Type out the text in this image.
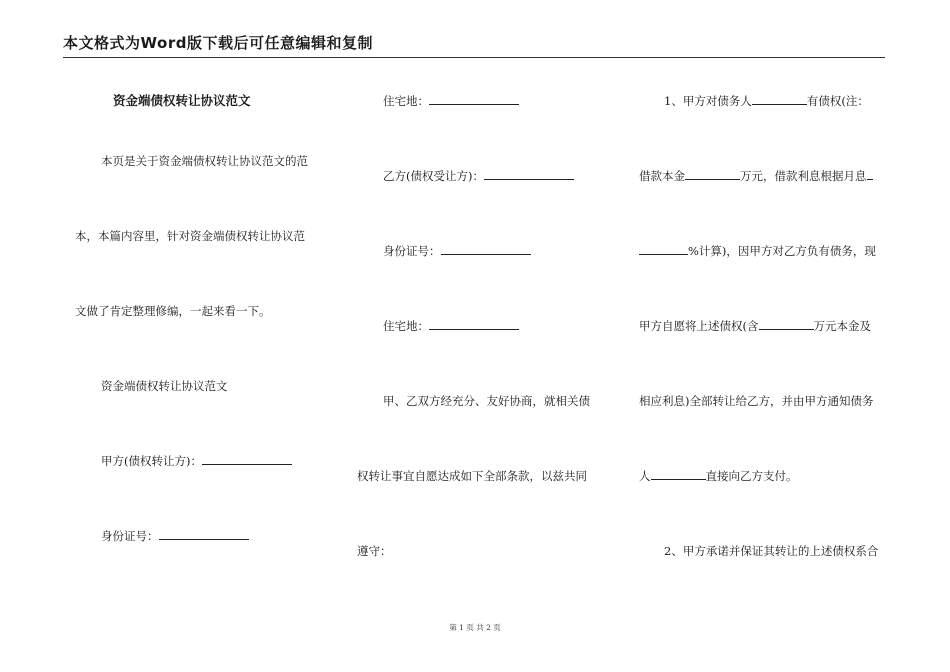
本文格式为Word版下载后可任意编辑和复制
资金端债权转让协议范文
本页是关于资金端债权转让协议范文的范
本，本篇内容里，针对资金端债权转让协议范
文做了肯定整理修编，一起来看一下。
资金端债权转让协议范文
甲方(债权转让方)：
身份证号：
住宅地：
乙方(债权受让方)：
身份证号：
住宅地：
甲、乙双方经充分、友好协商，就相关债
权转让事宜自愿达成如下全部条款，以兹共同
遵守：
1、甲方对债务人	有债权(注：
借款本金	万元，借款利息根据月息
%计算)，因甲方对乙方负有债务，现
甲方自愿将上述债权(含	万元本金及
相应利息)全部转让给乙方，并由甲方通知债务
人	直接向乙方支付。
2、甲方承诺并保证其转让的上述债权系合
第 1 页 共 2 页
